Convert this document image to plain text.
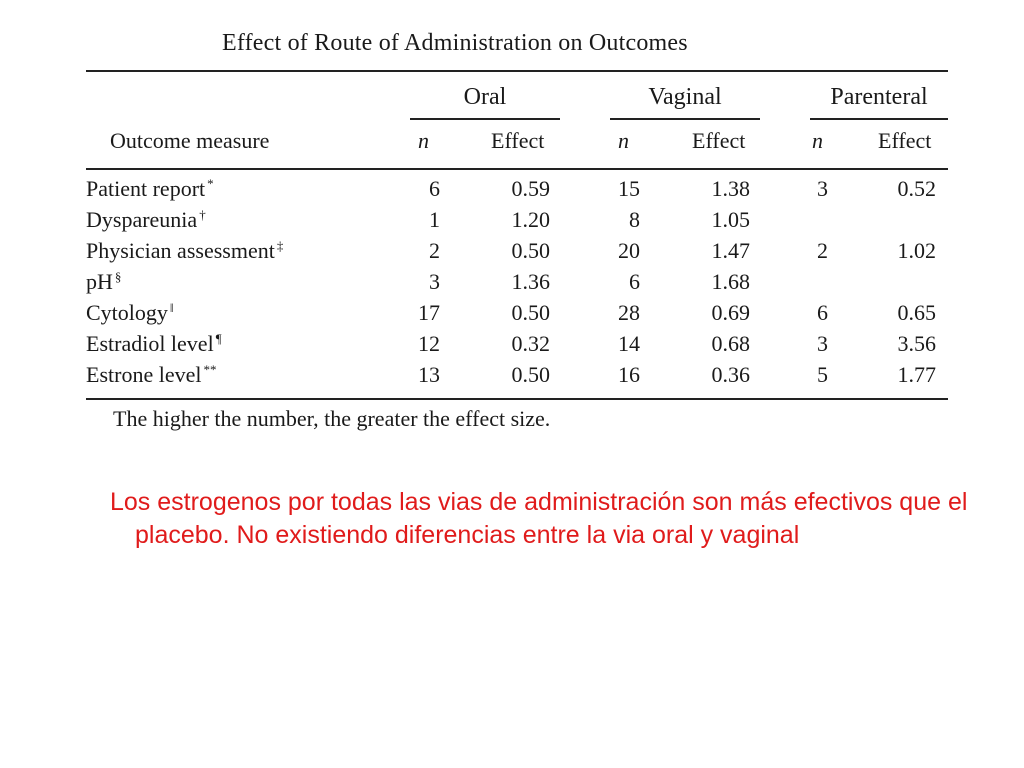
Effect of Route of Administration on Outcomes
Oral	Vaginal	Parenteral
Outcome measure	n	Effect	n	Effect	n	Effect
Patient report *	6	0.59	15	1.38	3	0.52
Dyspareunia †	1	1.20	8	1.05
Physician assessment ‡	2	0.50	20	1.47	2	1.02
pH §	3	1.36	6	1.68
Cytology ‖	17	0.50	28	0.69	6	0.65
Estradiol level ¶	12	0.32	14	0.68	3	3.56
Estrone level **	13	0.50	16	0.36	5	1.77
The higher the number, the greater the effect size.
Los estrogenos por todas las vias de administración son más efectivos que el placebo. No existiendo diferencias entre la via oral y vaginal
